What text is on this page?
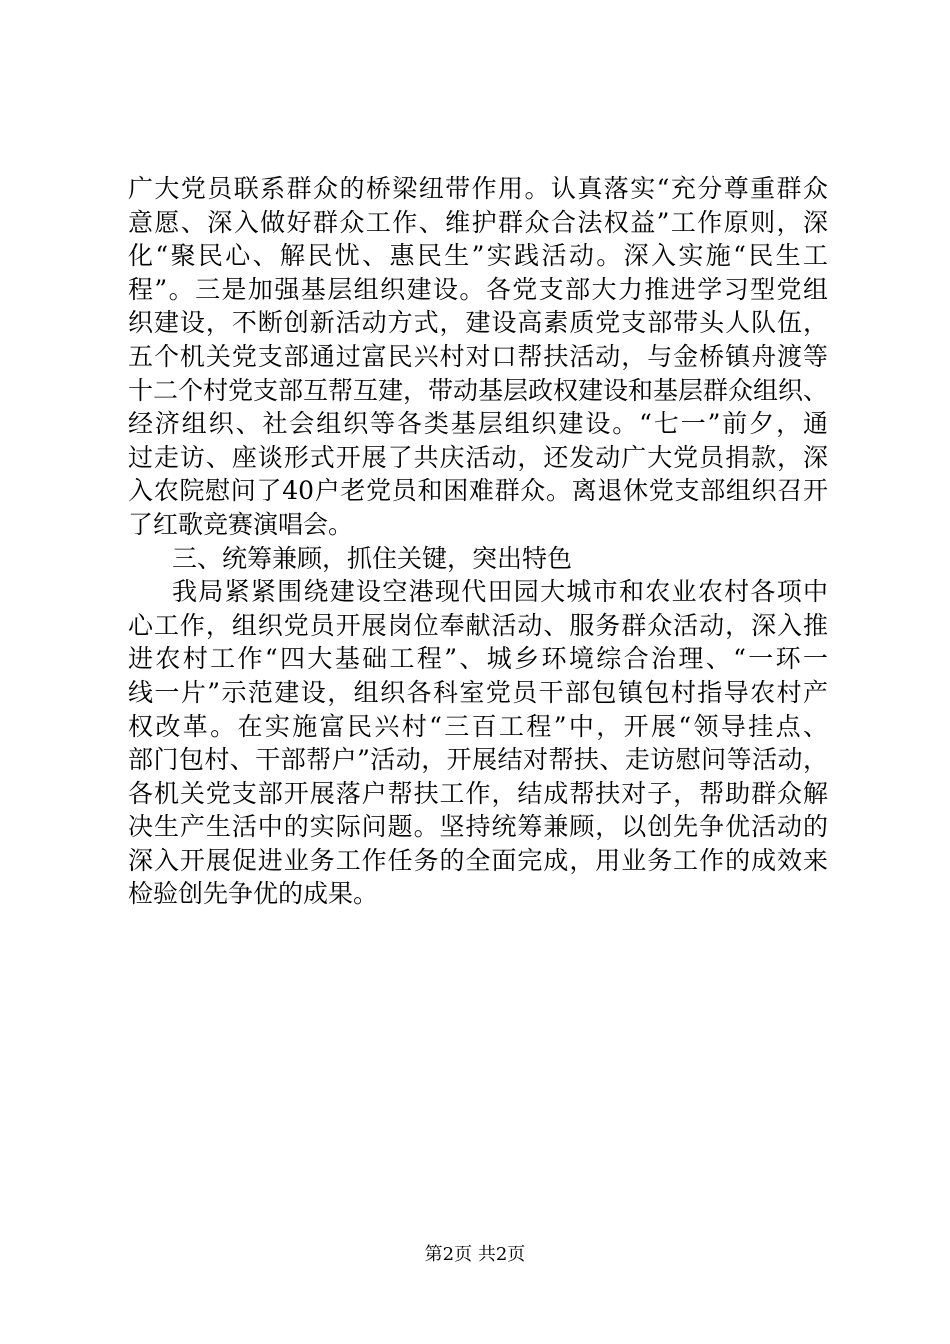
广大党员联系群众的桥梁纽带作用。认真落实“充分尊重群众
意愿、深入做好群众工作、维护群众合法权益”工作原则，深
化“聚民心、解民忧、惠民生”实践活动。深入实施“民生工
程”。三是加强基层组织建设。各党支部大力推进学习型党组
织建设，不断创新活动方式，建设高素质党支部带头人队伍，
五个机关党支部通过富民兴村对口帮扶活动，与金桥镇舟渡等
十二个村党支部互帮互建，带动基层政权建设和基层群众组织、
经济组织、社会组织等各类基层组织建设。“七一”前夕，通
过走访、座谈形式开展了共庆活动，还发动广大党员捐款，深
入农院慰问了40户老党员和困难群众。离退休党支部组织召开
了红歌竞赛演唱会。
三、统筹兼顾，抓住关键，突出特色
我局紧紧围绕建设空港现代田园大城市和农业农村各项中
心工作，组织党员开展岗位奉献活动、服务群众活动，深入推
进农村工作“四大基础工程”、城乡环境综合治理、“一环一
线一片”示范建设，组织各科室党员干部包镇包村指导农村产
权改革。在实施富民兴村“三百工程”中，开展“领导挂点、
部门包村、干部帮户”活动，开展结对帮扶、走访慰问等活动，
各机关党支部开展落户帮扶工作，结成帮扶对子，帮助群众解
决生产生活中的实际问题。坚持统筹兼顾，以创先争优活动的
深入开展促进业务工作任务的全面完成，用业务工作的成效来
检验创先争优的成果。
第2页 共2页
